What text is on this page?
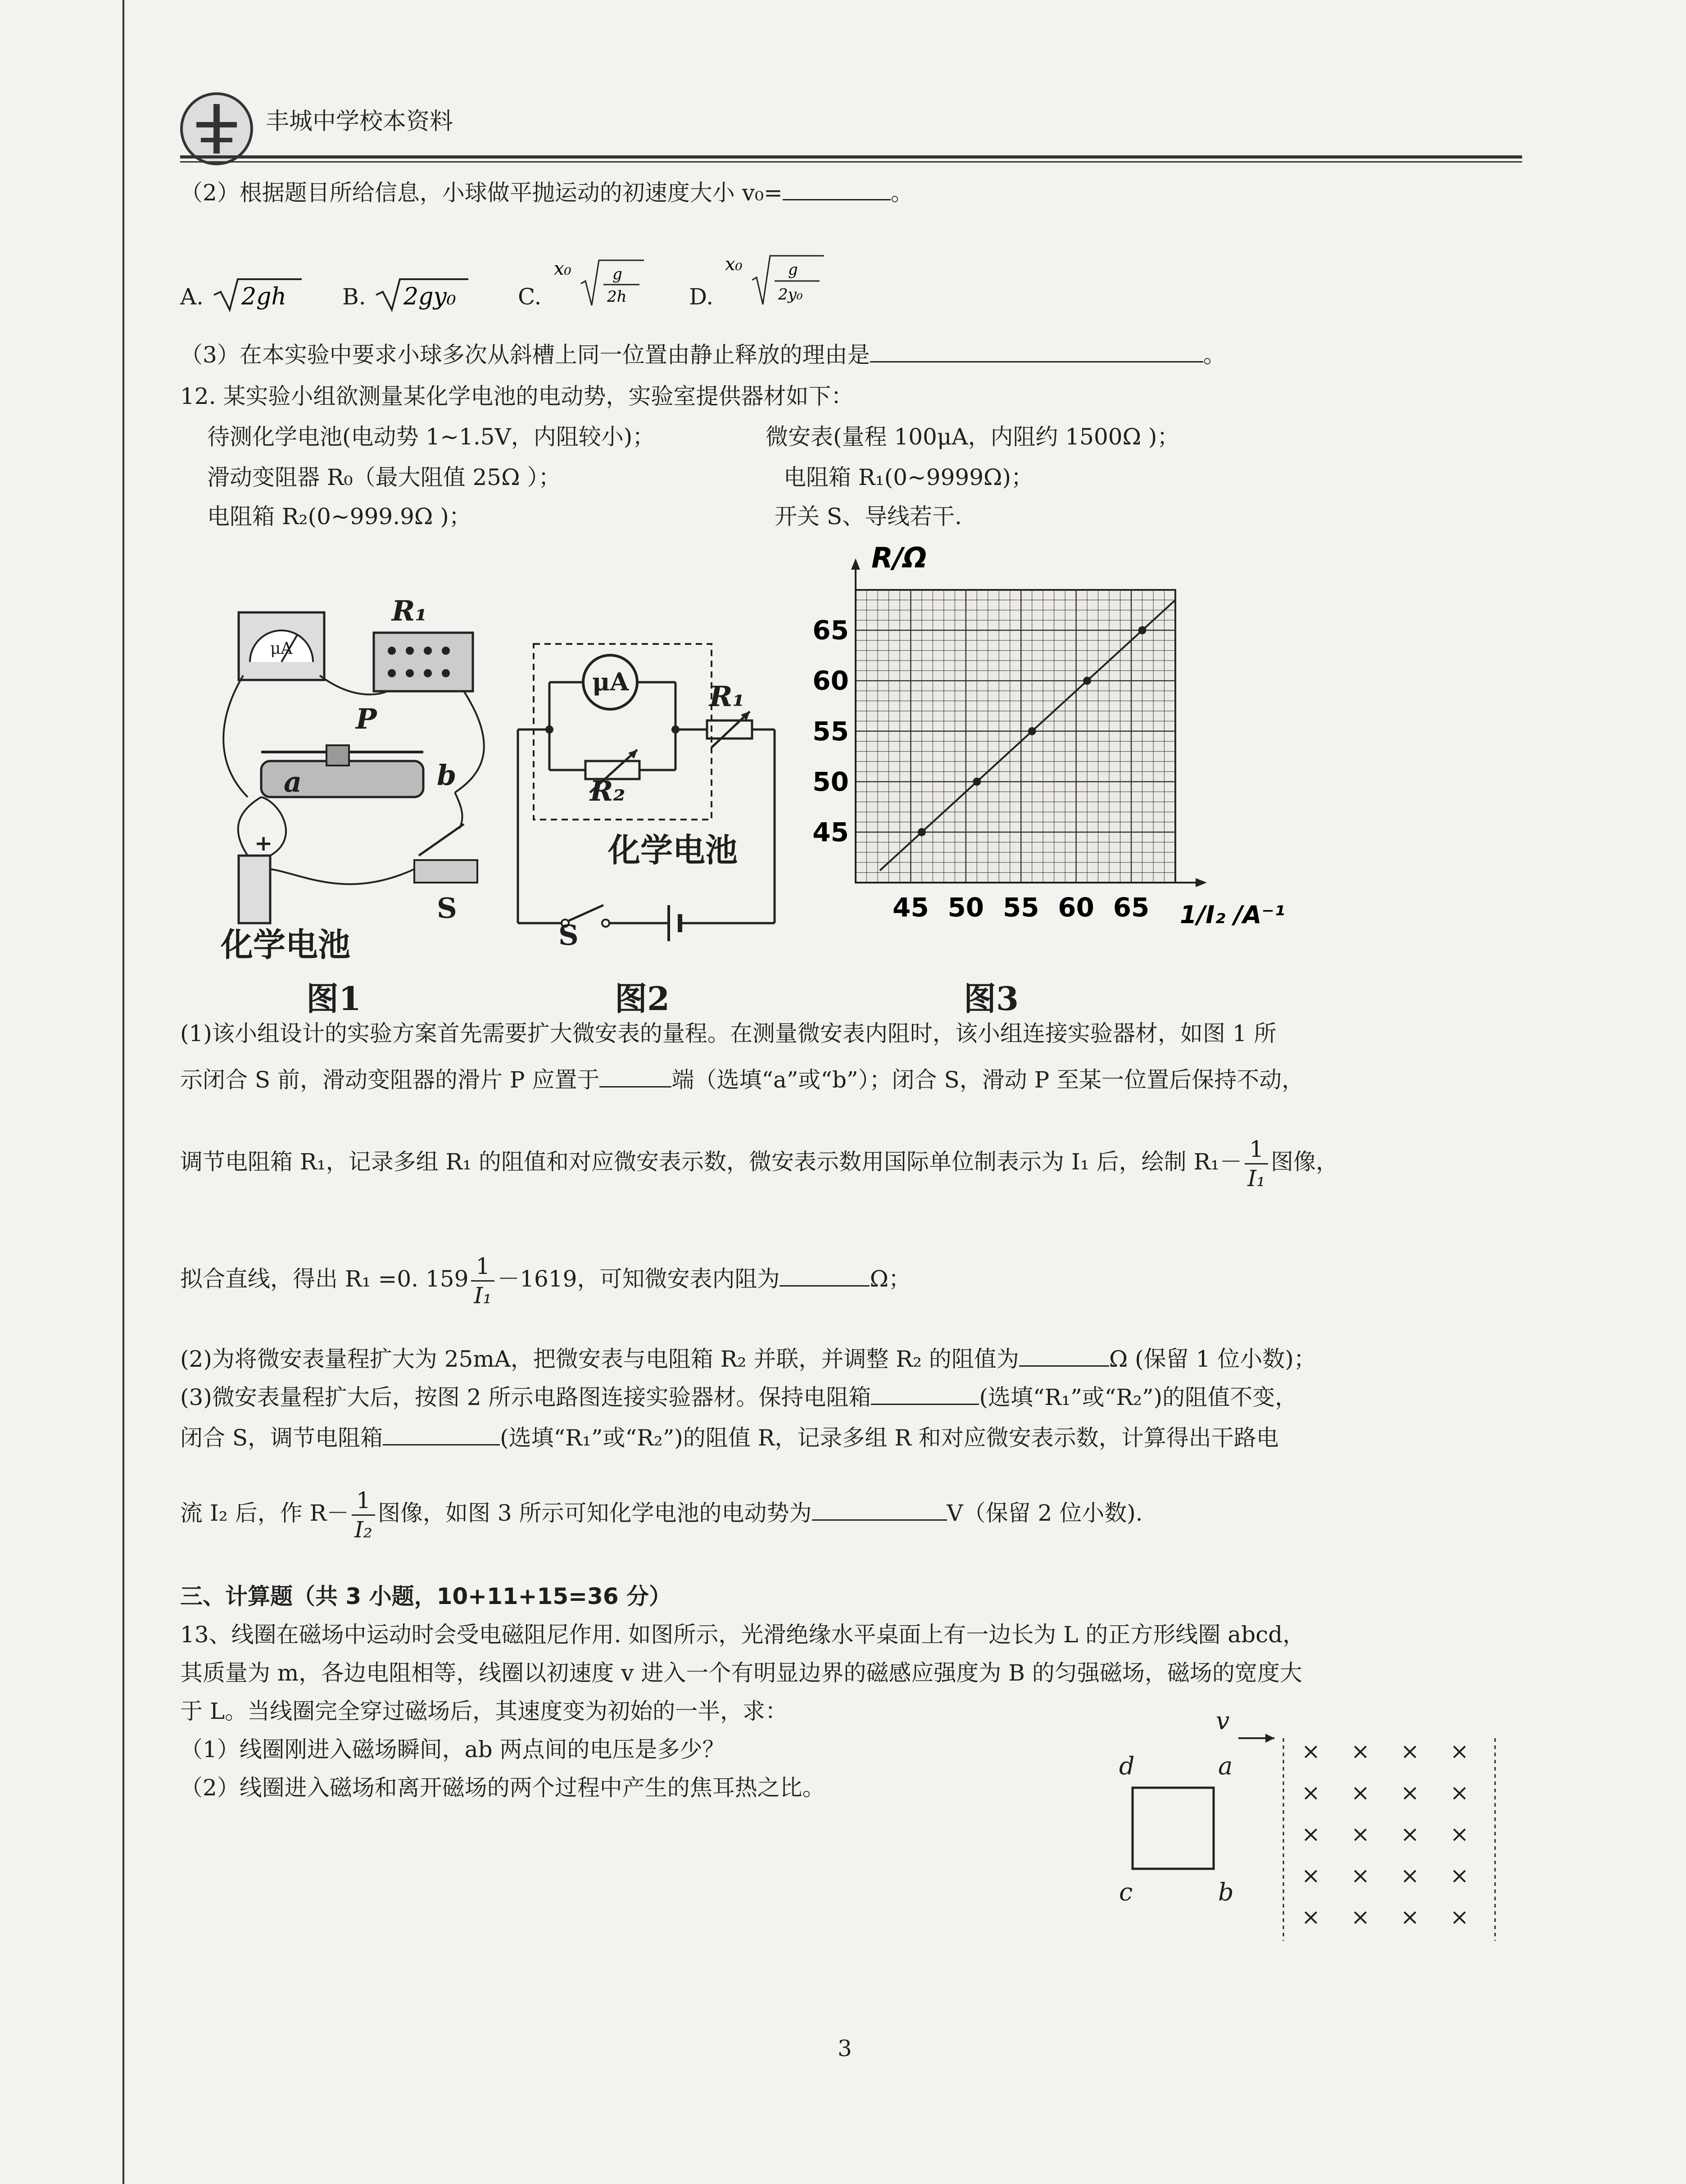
丰城中学校本资料
（2）根据题目所给信息，小球做平抛运动的初速度大小 v₀=	。
A. 2gh B. 2gy₀	C.
x₀	g
2h	D.
x₀	g
2y₀
（3）在本实验中要求小球多次从斜槽上同一位置由静止释放的理由是	。
12. 某实验小组欲测量某化学电池的电动势，实验室提供器材如下：
待测化学电池(电动势 1~1.5V，内阻较小)；	微安表(量程 100μA，内阻约 1500Ω )；
滑动变阻器 R₀（最大阻值 25Ω ）；	电阻箱 R₁(0~9999Ω)；
电阻箱 R₂(0~999.9Ω )；	开关 S、导线若干.
μA
R₁
P
a	b
+
S
化学电池
图1
μA	R₁
R₂
化学电池
S
图2
45 50 55 60 65
45
50
55
60
65
R/Ω
1/I₂ /A⁻¹
图3
(1)该小组设计的实验方案首先需要扩大微安表的量程。在测量微安表内阻时，该小组连接实验器材，如图 1 所
示闭合 S 前，滑动变阻器的滑片 P 应置于	端（选填“a”或“b”）；闭合 S，滑动 P 至某一位置后保持不动，
调节电阻箱 R₁，记录多组 R₁ 的阻值和对应微安表示数，微安表示数用国际单位制表示为 I₁ 后，绘制 $R_1- \frac{1}{\text{I₁}}$ 图像，
拟合直线，得出 R₁ =0. $159 \frac{1}{\text{I₁}} -1619$，可知微安表内阻为	Ω；
(2)为将微安表量程扩大为 25mA，把微安表与电阻箱 R₂ 并联，并调整 R₂ 的阻值为	Ω (保留 1 位小数)；
(3)微安表量程扩大后，按图 2 所示电路图连接实验器材。保持电阻箱	(选填“R₁”或“R₂”)的阻值不变，
闭合 S，调节电阻箱	(选填“R₁”或“R₂”)的阻值 R，记录多组 R 和对应微安表示数，计算得出干路电
流 I₂ 后，作 $R- \frac{1}{\text{I₂}}$ 图像，如图 3 所示可知化学电池的电动势为	V（保留 2 位小数).
三、计算题（共 3 小题，10+11+15=36 分）
13、线圈在磁场中运动时会受电磁阻尼作用. 如图所示，光滑绝缘水平桌面上有一边长为 L 的正方形线圈 abcd，
其质量为 m，各边电阻相等，线圈以初速度 v 进入一个有明显边界的磁感应强度为 B 的匀强磁场，磁场的宽度大
于 L。当线圈完全穿过磁场后，其速度变为初始的一半，求：
（1）线圈刚进入磁场瞬间，ab 两点间的电压是多少？
（2）线圈进入磁场和离开磁场的两个过程中产生的焦耳热之比。
v
d	a
c	b
× × × ×
× × × ×
× × × ×
× × × ×
× × × ×
3
